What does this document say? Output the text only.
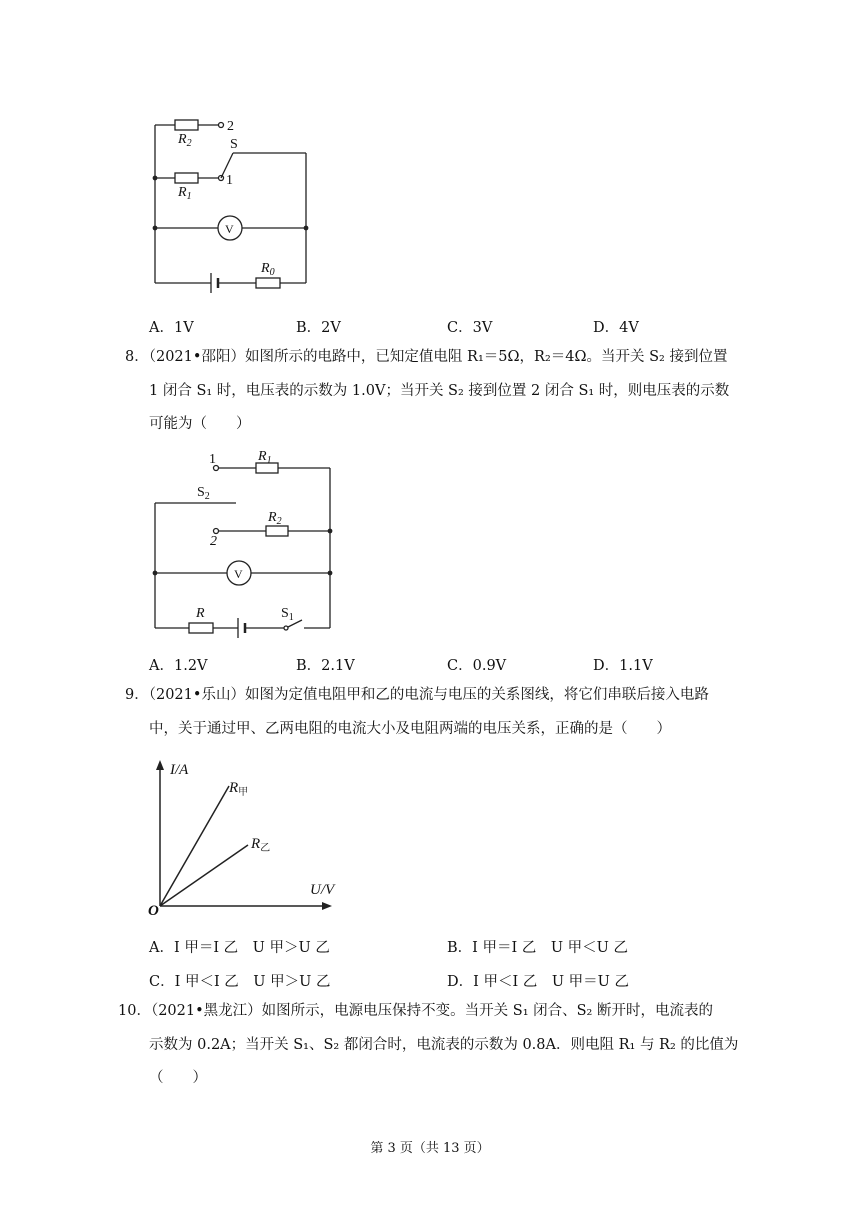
$R_2$
$R_1$
$R_0$
S
1
2
V
A．1V	B．2V	C．3V	D．4V
8．（2021•邵阳）如图所示的电路中，已知定值电阻 R₁＝5Ω，R₂＝4Ω。当开关 S₂ 接到位置
1 闭合 S₁ 时，电压表的示数为 1.0V；当开关 S₂ 接到位置 2 闭合 S₁ 时，则电压表的示数
可能为（　　）
1	$R_1$
$S_2$
$R_2$
2
V
R	$S_1$
A．1.2V	B．2.1V	C．0.9V	D．1.1V
9．（2021•乐山）如图为定值电阻甲和乙的电流与电压的关系图线，将它们串联后接入电路
中，关于通过甲、乙两电阻的电流大小及电阻两端的电压关系，正确的是（　　）
I/A
U/V
O
$R_甲$
$R_乙$
A．I 甲＝I 乙　U 甲＞U 乙	B．I 甲＝I 乙　U 甲＜U 乙
C．I 甲＜I 乙　U 甲＞U 乙	D．I 甲＜I 乙　U 甲＝U 乙
10．（2021•黑龙江）如图所示，电源电压保持不变。当开关 S₁ 闭合、S₂ 断开时，电流表的
示数为 0.2A；当开关 S₁、S₂ 都闭合时，电流表的示数为 0.8A．则电阻 R₁ 与 R₂ 的比值为
（　　）
第 3 页（共 13 页）
